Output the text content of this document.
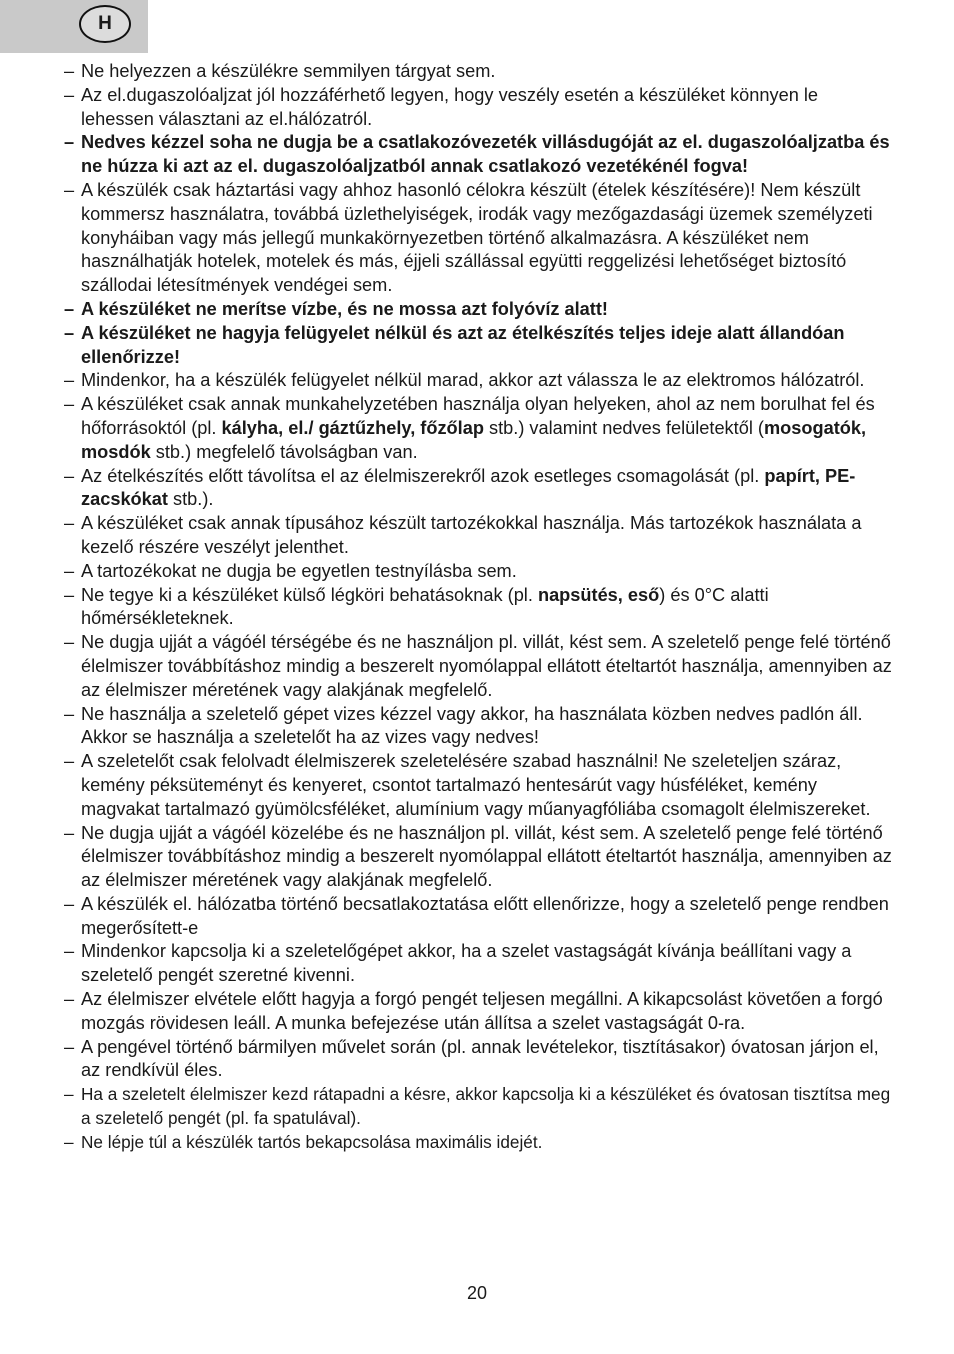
H
– Ne helyezzen a készülékre semmilyen tárgyat sem.
– Az el.dugaszolóaljzat jól hozzáférhető legyen, hogy veszély esetén a készüléket könnyen le lehessen választani az el.hálózatról.
– Nedves kézzel soha ne dugja be a csatlakozóvezeték villásdugóját az el. dugaszolóaljzatba és ne húzza ki azt az el. dugaszolóaljzatból annak csatlakozó vezetékénél fogva!
– A készülék csak háztartási vagy ahhoz hasonló célokra készült (ételek készítésére)! Nem készült kommersz használatra, továbbá üzlethelyiségek, irodák vagy mezőgazdasági üzemek személyzeti konyháiban vagy más jellegű munkakörnyezetben történő alkalmazásra. A készüléket nem használhatják hotelek, motelek és más, éjjeli szállással együtti reggelizési lehetőséget biztosító szállodai létesítmények vendégei sem.
– A készüléket ne merítse vízbe, és ne mossa azt folyóvíz alatt!
– A készüléket ne hagyja felügyelet nélkül és azt az ételkészítés teljes ideje alatt állandóan ellenőrizze!
– Mindenkor, ha a készülék felügyelet nélkül marad, akkor azt válassza le az elektromos hálózatról.
– A készüléket csak annak munkahelyzetében használja olyan helyeken, ahol az nem borulhat fel és hőforrásoktól (pl. kályha, el./ gáztűzhely, főzőlap stb.) valamint nedves felületektől (mosogatók, mosdók stb.) megfelelő távolságban van.
– Az ételkészítés előtt távolítsa el az élelmiszerekről azok esetleges csomagolását (pl. papírt, PE-zacskókat stb.).
– A készüléket csak annak típusához készült tartozékokkal használja. Más tartozékok használata a kezelő részére veszélyt jelenthet.
– A tartozékokat ne dugja be egyetlen testnyílásba sem.
– Ne tegye ki a készüléket külső légköri behatásoknak (pl. napsütés, eső) és 0°C alatti hőmérsékleteknek.
– Ne dugja ujját a vágóél térségébe és ne használjon pl. villát, kést sem. A szeletelő penge felé történő élelmiszer továbbításhoz mindig a beszerelt nyomólappal ellátott ételtartót használja, amennyiben az az élelmiszer méretének vagy alakjának megfelelő.
– Ne használja a szeletelő gépet vizes kézzel vagy akkor, ha használata közben nedves padlón áll. Akkor se használja a szeletelőt ha az vizes vagy nedves!
– A szeletelőt csak felolvadt élelmiszerek szeletelésére szabad használni! Ne szeleteljen száraz, kemény péksüteményt és kenyeret, csontot tartalmazó hentesárút vagy húsféléket, kemény magvakat tartalmazó gyümölcsféléket, alumínium vagy műanyagfóliába csomagolt élelmiszereket.
– Ne dugja ujját a vágóél közelébe és ne használjon pl. villát, kést sem. A szeletelő penge felé történő élelmiszer továbbításhoz mindig a beszerelt nyomólappal ellátott ételtartót használja, amennyiben az az élelmiszer méretének vagy alakjának megfelelő.
– A készülék el. hálózatba történő becsatlakoztatása előtt ellenőrizze, hogy a szeletelő penge rendben megerősített-e
– Mindenkor kapcsolja ki a szeletelőgépet akkor, ha a szelet vastagságát kívánja beállítani vagy a szeletelő pengét szeretné kivenni.
– Az élelmiszer elvétele előtt hagyja a forgó pengét teljesen megállni. A kikapcsolást követően a forgó mozgás rövidesen leáll. A munka befejezése után állítsa a szelet vastagságát 0-ra.
– A pengével történő bármilyen művelet során (pl. annak levételekor, tisztításakor) óvatosan járjon el, az rendkívül éles.
– Ha a szeletelt élelmiszer kezd rátapadni a késre, akkor kapcsolja ki a készüléket és óvatosan tisztítsa meg a szeletelő pengét (pl. fa spatulával).
– Ne lépje túl a készülék tartós bekapcsolása maximális idejét.
20
